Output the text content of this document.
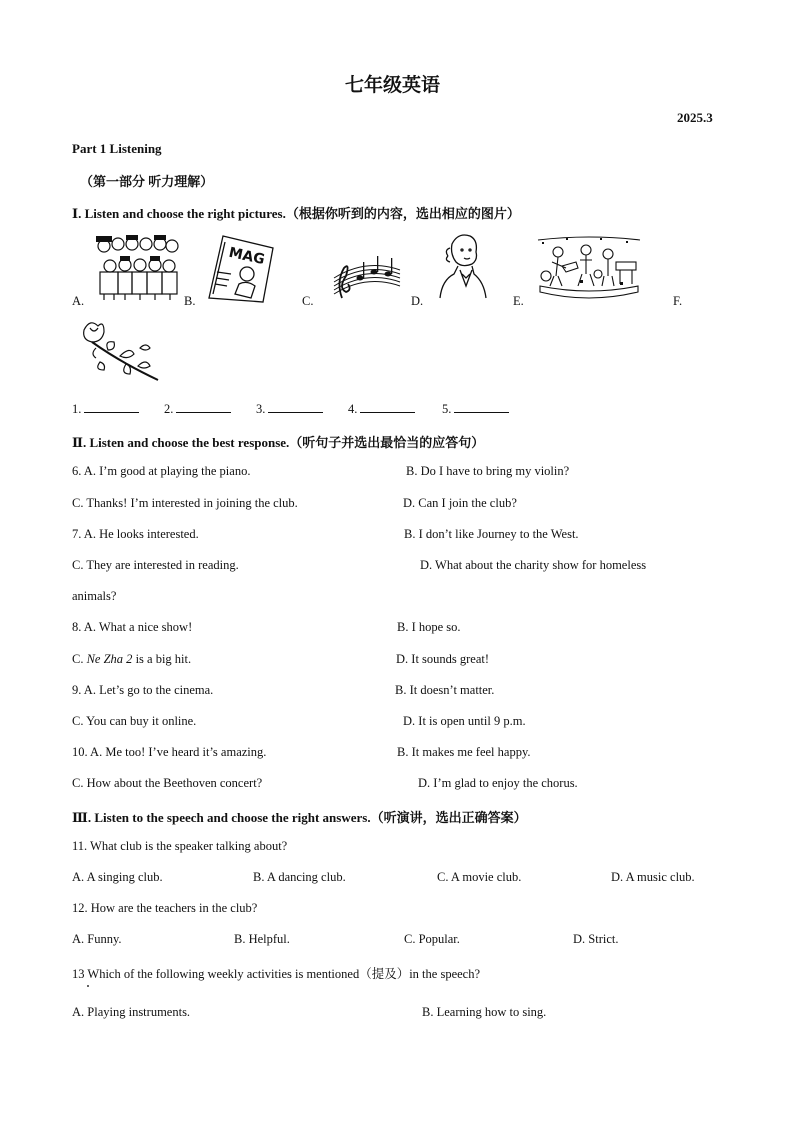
七年级英语
2025.3
Part 1 Listening
（第一部分 听力理解）
Ⅰ. Listen and choose the right pictures.（根据你听到的内容，选出相应的图片）
A.	B.
MAG
C.	D.	E.	F.
1.	2.	3.	4.	5.
Ⅱ. Listen and choose the best response.（听句子并选出最恰当的应答句）
6. A. I’m good at playing the piano.	B. Do I have to bring my violin?
C. Thanks! I’m interested in joining the club.	D. Can I join the club?
7. A. He looks interested.	B. I don’t like Journey to the West.
C. They are interested in reading.	D. What about the charity show for homeless
animals?
8. A. What a nice show!	B. I hope so.
C. Ne Zha 2 is a big hit.	D. It sounds great!
9. A. Let’s go to the cinema.	B. It doesn’t matter.
C. You can buy it online.	D. It is open until 9 p.m.
10. A. Me too! I’ve heard it’s amazing.	B. It makes me feel happy.
C. How about the Beethoven concert?	D. I’m glad to enjoy the chorus.
Ⅲ. Listen to the speech and choose the right answers.（听演讲，选出正确答案）
11. What club is the speaker talking about?
A. A singing club.	B. A dancing club.	C. A movie club.	D. A music club.
12. How are the teachers in the club?
A. Funny.	B. Helpful.	C. Popular.	D. Strict.
13 Which of the following weekly activities is mentioned（提及）in the speech?
A. Playing instruments.	B. Learning how to sing.
